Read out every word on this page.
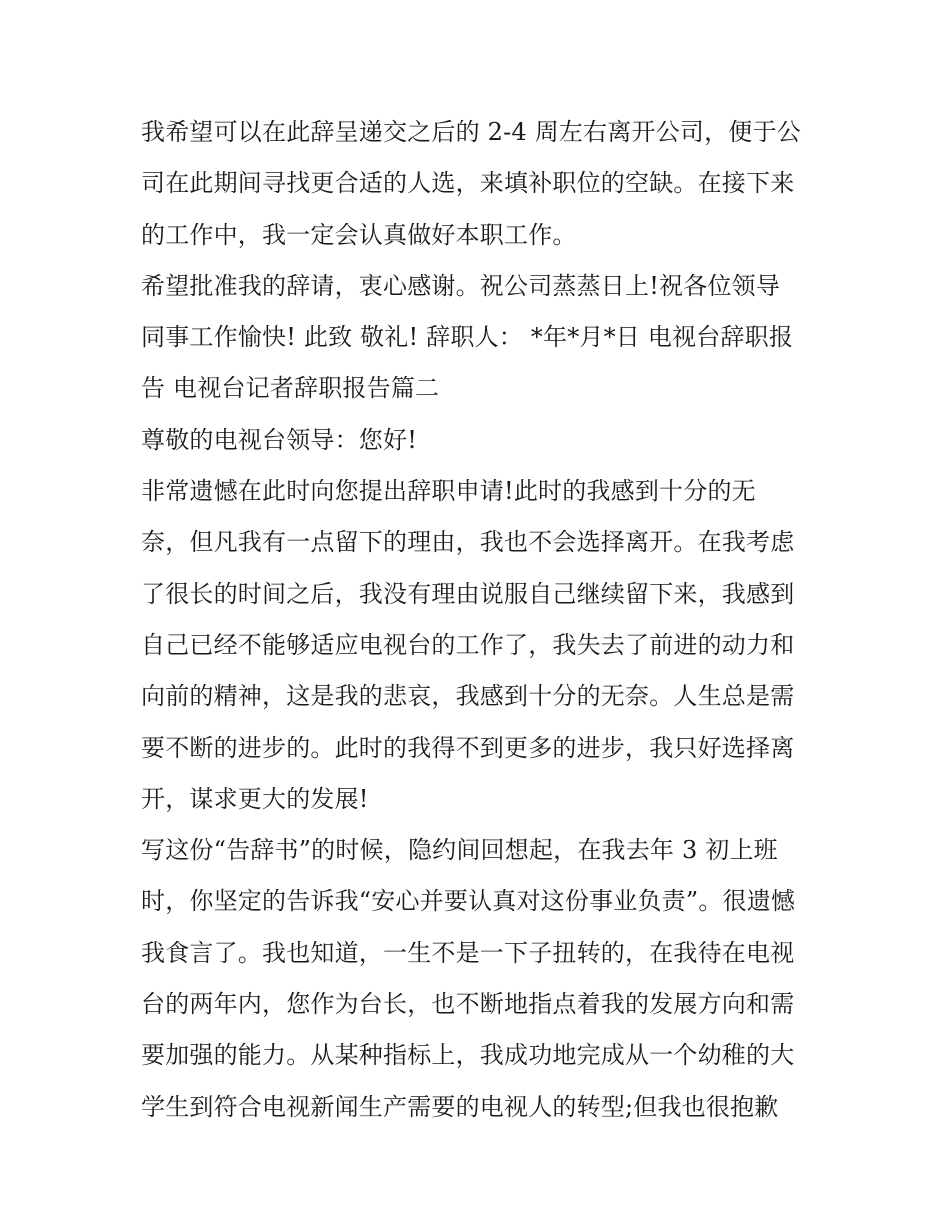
我希望可以在此辞呈递交之后的 2-4 周左右离开公司，便于公
司在此期间寻找更合适的人选，来填补职位的空缺。在接下来
的工作中，我一定会认真做好本职工作。
希望批准我的辞请，衷心感谢。祝公司蒸蒸日上!祝各位领导
同事工作愉快! 此致 敬礼! 辞职人： *年*月*日 电视台辞职报
告 电视台记者辞职报告篇二
尊敬的电视台领导：您好!
非常遗憾在此时向您提出辞职申请!此时的我感到十分的无
奈，但凡我有一点留下的理由，我也不会选择离开。在我考虑
了很长的时间之后，我没有理由说服自己继续留下来，我感到
自己已经不能够适应电视台的工作了，我失去了前进的动力和
向前的精神，这是我的悲哀，我感到十分的无奈。人生总是需
要不断的进步的。此时的我得不到更多的进步，我只好选择离
开，谋求更大的发展!
写这份“告辞书”的时候，隐约间回想起，在我去年 3 初上班
时，你坚定的告诉我“安心并要认真对这份事业负责”。很遗憾
我食言了。我也知道，一生不是一下子扭转的，在我待在电视
台的两年内，您作为台长，也不断地指点着我的发展方向和需
要加强的能力。从某种指标上，我成功地完成从一个幼稚的大
学生到符合电视新闻生产需要的电视人的转型;但我也很抱歉
